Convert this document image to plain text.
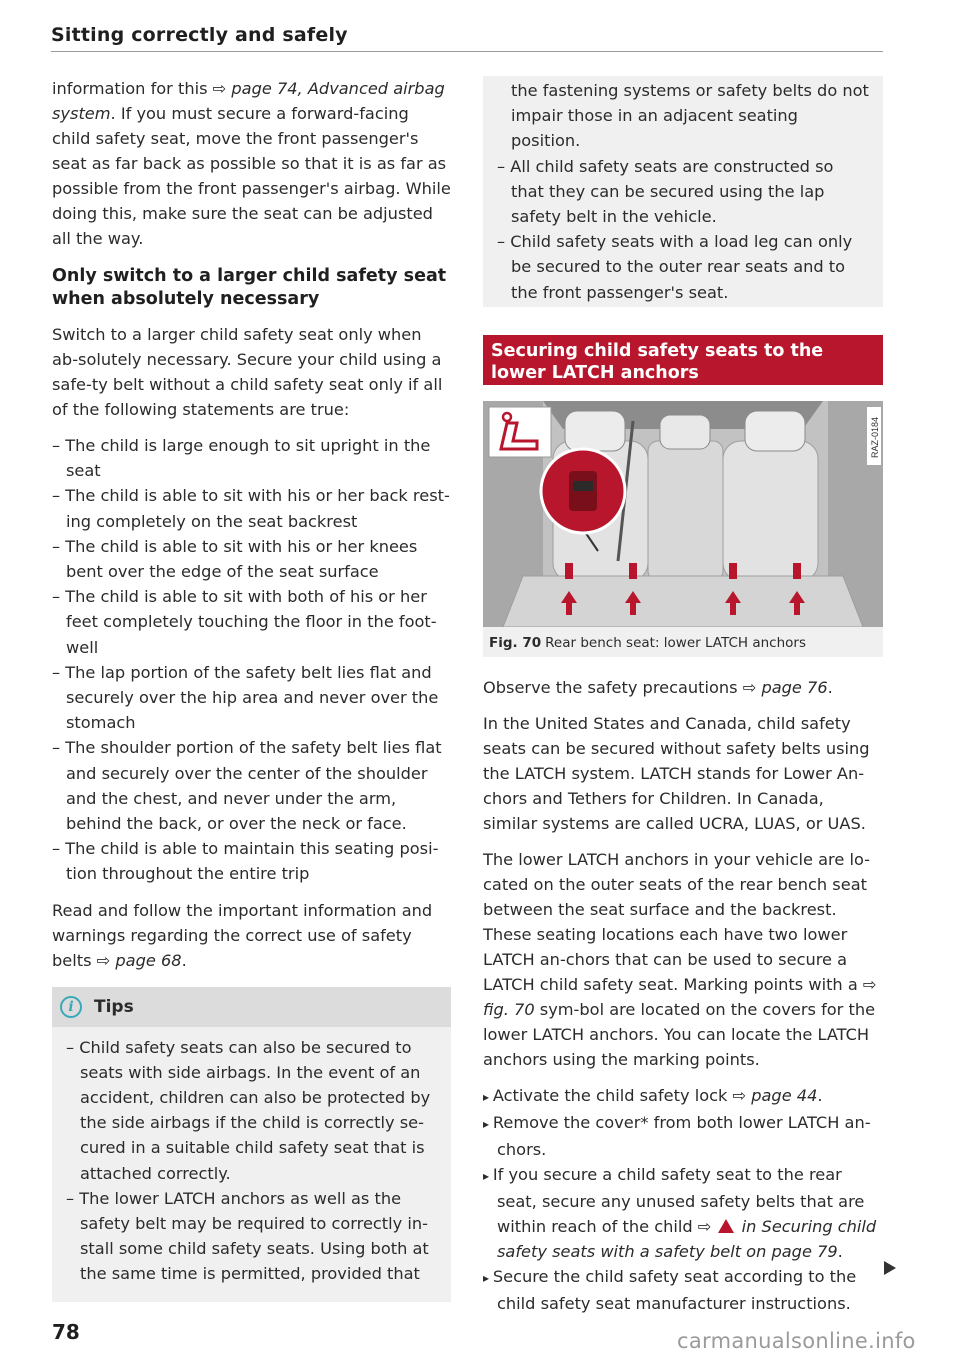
Sitting correctly and safely

information for this ⇨ page 74, Advanced airbag system. If you must secure a forward-facing child safety seat, move the front passenger's seat as far back as possible so that it is as far as possible from the front passenger's airbag. While doing this, make sure the seat can be adjusted all the way.

Only switch to a larger child safety seat when absolutely necessary

Switch to a larger child safety seat only when ab-solutely necessary. Secure your child using a safe-ty belt without a child safety seat only if all of the following statements are true:

– The child is large enough to sit upright in the seat
– The child is able to sit with his or her back rest-ing completely on the seat backrest
– The child is able to sit with his or her knees bent over the edge of the seat surface
– The child is able to sit with both of his or her feet completely touching the floor in the foot-well
– The lap portion of the safety belt lies flat and securely over the hip area and never over the stomach
– The shoulder portion of the safety belt lies flat and securely over the center of the shoulder and the chest, and never under the arm, behind the back, or over the neck or face.
– The child is able to maintain this seating posi-tion throughout the entire trip

Read and follow the important information and warnings regarding the correct use of safety belts ⇨ page 68.

i	Tips
– Child safety seats can also be secured to seats with side airbags. In the event of an accident, children can also be protected by the side airbags if the child is correctly se-cured in a suitable child safety seat that is attached correctly.
– The lower LATCH anchors as well as the safety belt may be required to correctly in-stall some child safety seats. Using both at the same time is permitted, provided that
the fastening systems or safety belts do not impair those in an adjacent seating position.
– All child safety seats are constructed so that they can be secured using the lap safety belt in the vehicle.
– Child safety seats with a load leg can only be secured to the outer rear seats and to the front passenger's seat.
Securing child safety seats to the lower LATCH anchors
RAZ-0184
Fig. 70 Rear bench seat: lower LATCH anchors

Observe the safety precautions ⇨ page 76.

In the United States and Canada, child safety seats can be secured without safety belts using the LATCH system. LATCH stands for Lower An-chors and Tethers for Children. In Canada, similar systems are called UCRA, LUAS, or UAS.

The lower LATCH anchors in your vehicle are lo-cated on the outer seats of the rear bench seat between the seat surface and the backrest. These seating locations each have two lower LATCH an-chors that can be used to secure a LATCH child safety seat. Marking points with a ⇨ fig. 70 sym-bol are located on the covers for the lower LATCH anchors. You can locate the LATCH anchors using the marking points.

▸ Activate the child safety lock ⇨ page 44.
▸ Remove the cover* from both lower LATCH an-chors.
▸ If you secure a child safety seat to the rear seat, secure any unused safety belts that are within reach of the child ⇨  in Securing child safety seats with a safety belt on page 79.
▸ Secure the child safety seat according to the child safety seat manufacturer instructions.
78	carmanualsonline.info
